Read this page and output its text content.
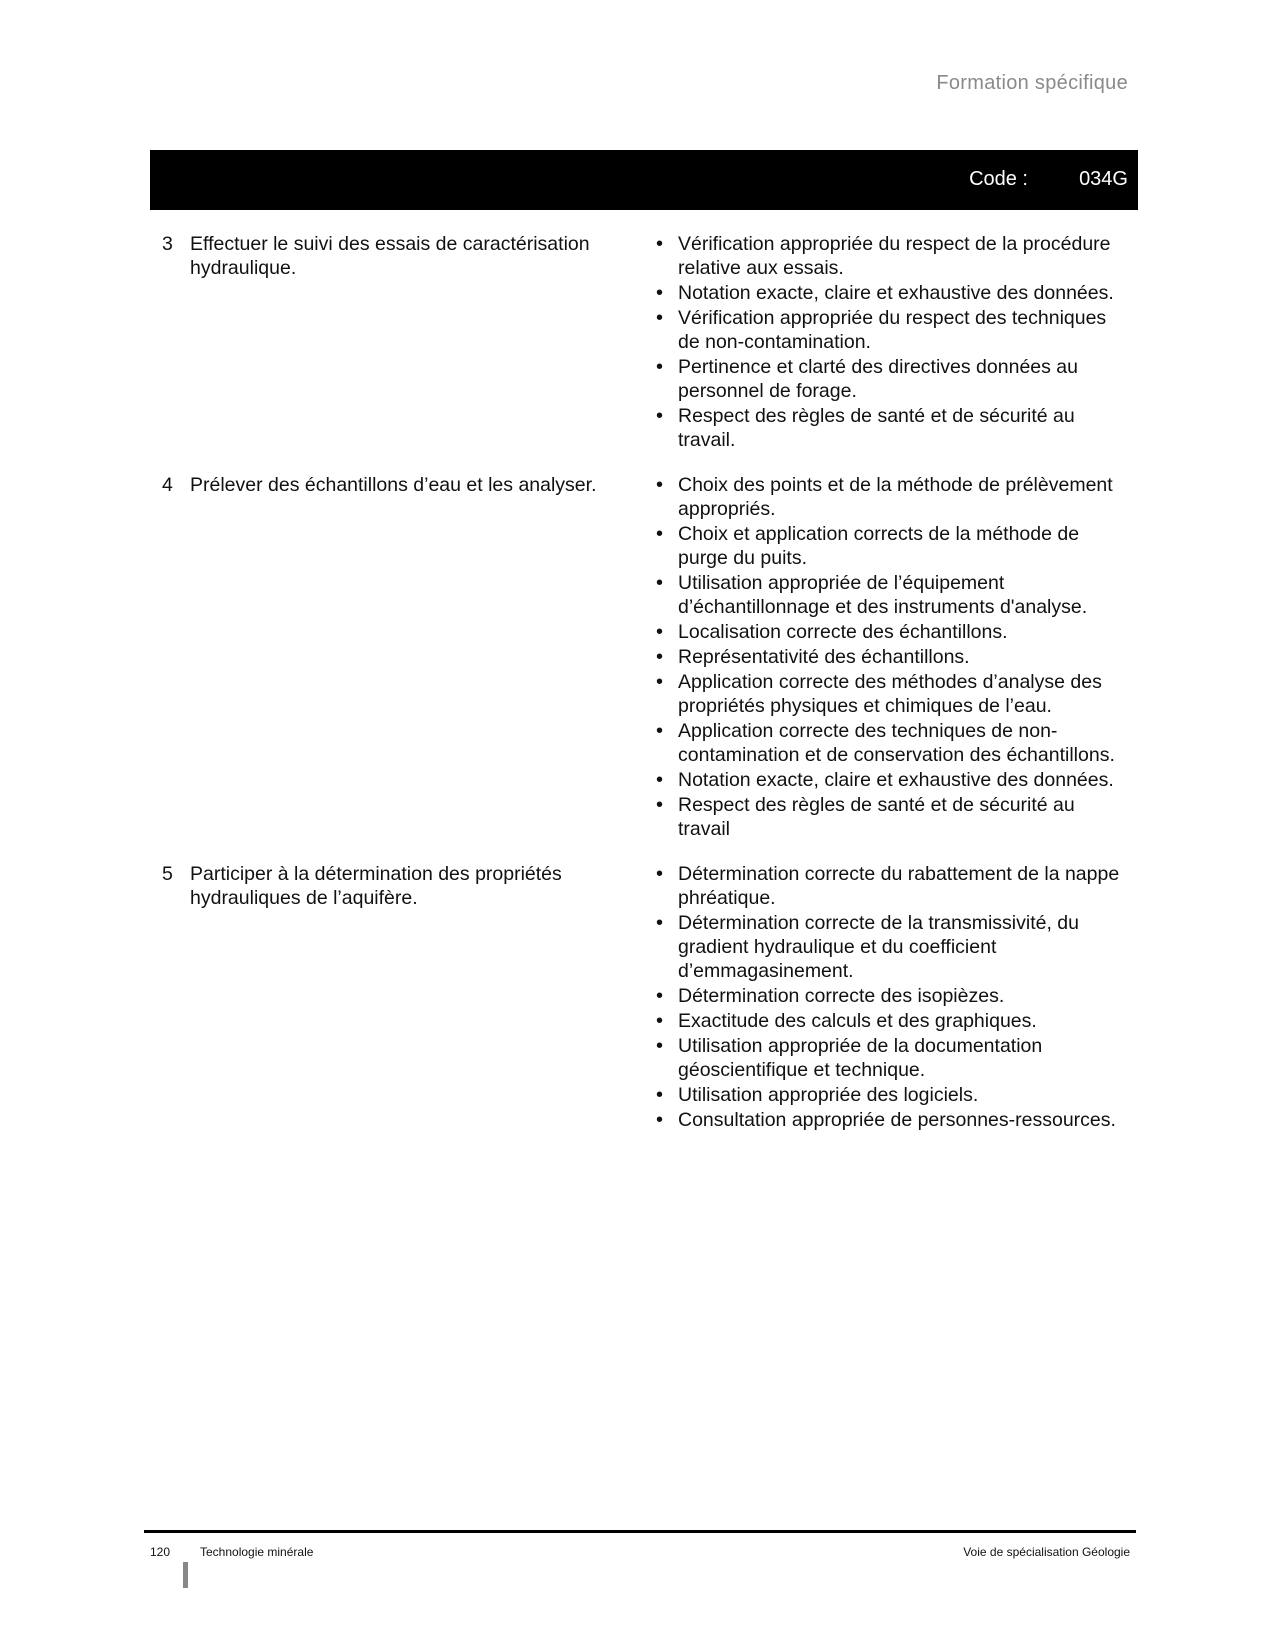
Formation spécifique
Code :	034G
3 Effectuer le suivi des essais de caractérisation hydraulique.
• Vérification appropriée du respect de la procédure relative aux essais.
• Notation exacte, claire et exhaustive des données.
• Vérification appropriée du respect des techniques de non-contamination.
• Pertinence et clarté des directives données au personnel de forage.
• Respect des règles de santé et de sécurité au travail.
4 Prélever des échantillons d’eau et les analyser.
•	Choix des points et de la méthode de prélèvement appropriés.
• Choix et application corrects de la méthode de purge du puits.
• Utilisation appropriée de l’équipement d’échantillonnage et des instruments d'analyse.
• Localisation correcte des échantillons.
• Représentativité des échantillons.
• Application correcte des méthodes d’analyse des propriétés physiques et chimiques de l’eau.
• Application correcte des techniques de non-contamination et de conservation des échantillons.
• Notation exacte, claire et exhaustive des données.
• Respect des règles de santé et de sécurité au travail
5 Participer à la détermination des propriétés hydrauliques de l’aquifère.
• Détermination correcte du rabattement de la nappe phréatique.
• Détermination correcte de la transmissivité, du gradient hydraulique et du coefficient d’emmagasinement.
• Détermination correcte des isopièzes.
• Exactitude des calculs et des graphiques.
• Utilisation appropriée de la documentation géoscientifique et technique.
• Utilisation appropriée des logiciels.
• Consultation appropriée de personnes-ressources.
120 Technologie minérale	Voie de spécialisation Géologie
